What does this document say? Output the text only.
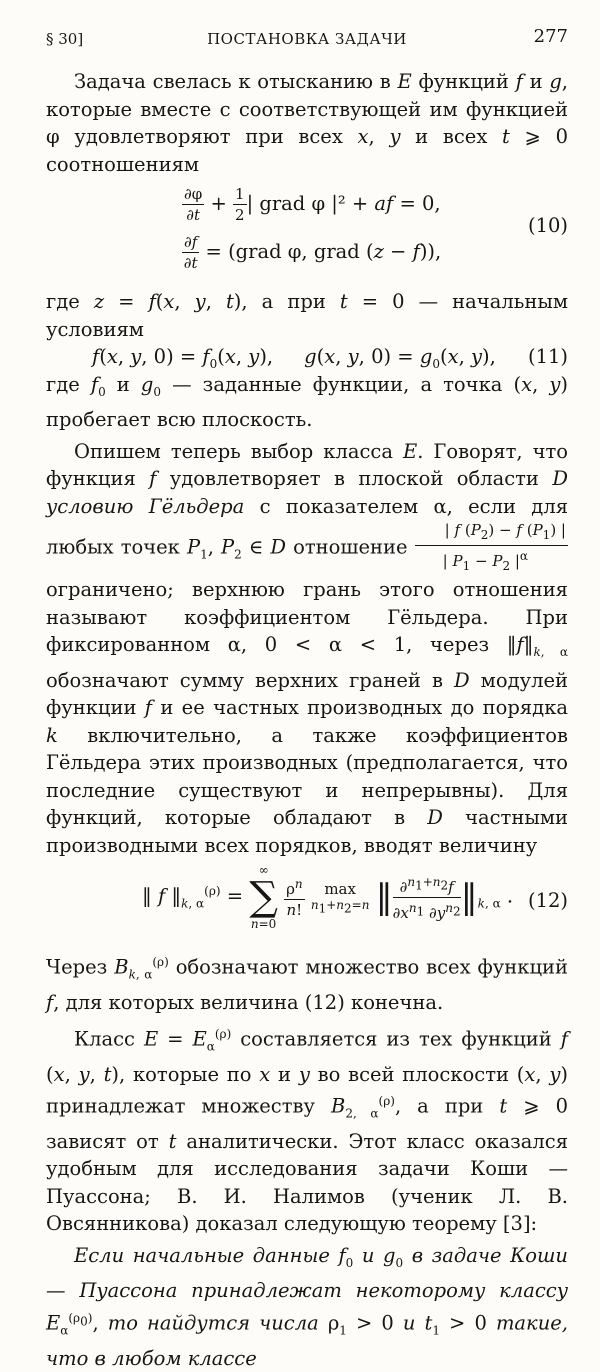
§ 30]	ПОСТАНОВКА ЗАДАЧИ	277

Задача свелась к отысканию в E функций f и g, которые вместе с соответствующей им функцией φ удовлетворяют при всех x, y и всех t ⩾ 0 соотношениям

$\frac{\partial\varphi}{\partial t} + \frac{1}{2}$ | grad φ |² + af = 0,
$\frac{\partial f}{\partial t}$ = (grad φ, grad (z − f)),
(10)

где z = f(x, y, t), а при t = 0 — начальным условиям

f(x, y, $0) = f_0(x$, y),     g(x, y, $0) = g_0(x$, y), (11)

где $f_0$ и $g_0$ — заданные функции, а точка (x, y) пробегает всю плоскость.

Опишем теперь выбор класса E. Говорят, что функция f удовлетворяет в плоской области D условию Гёльдера с показателем α, если для любых точек $P_1$, $P_2$ ∈ D отношение $\frac{| f (P_2) - f (P_1) |}{| P_1 - P_2 |^\alpha}$
ограничено; верхнюю грань этого отношения называют коэффициентом Гёльдера. При фиксированном α, 0 < α < 1, через $‖f‖_{k, \alpha}$ обозначают сумму верхних граней в D модулей функции f и ее частных производных до порядка k включительно, а также коэффициентов Гёльдера этих производных (предполагается, что последние существуют и непрерывны). Для функций, которые обладают в D частными производными всех порядков, вводят величину

‖ f $‖_{k, \alpha}^{(\rho)}$ =
∞
∑
n=0

$\frac{\rho^n}{n!}$
	max
$n_1+n_2=n$ ‖ $\frac{\partial^{n_1+n_2}f}{\partial x^{n_1} \partial y^{n_2}}$ $‖_{k, \alpha}$ . (12)

Через $B_{k, \alpha}^{(\rho)}$ обозначают множество всех функций f, для которых величина (12) конечна.

Класс $E = E_\alpha^{(\rho)}$ составляется из тех функций f (x, y, t), которые по x и y во всей плоскости (x, y) принадлежат множеству $B_{2, \alpha}^{(\rho)}$, а при t ⩾ 0 зависят от t аналитически. Этот класс оказался удобным для исследования задачи Коши — Пуассона; В. И. Налимов (ученик Л. В. Овсянникова) доказал следующую теорему [3]:

Если начальные данные $f_0$ и $g_0$ в задаче Коши — Пуассона принадлежат некоторому классу $E_\alpha^{(\rho_0)}$, то найдутся числа $\rho_1 > 0$ и $t_1 > 0$ такие, что в любом классе
